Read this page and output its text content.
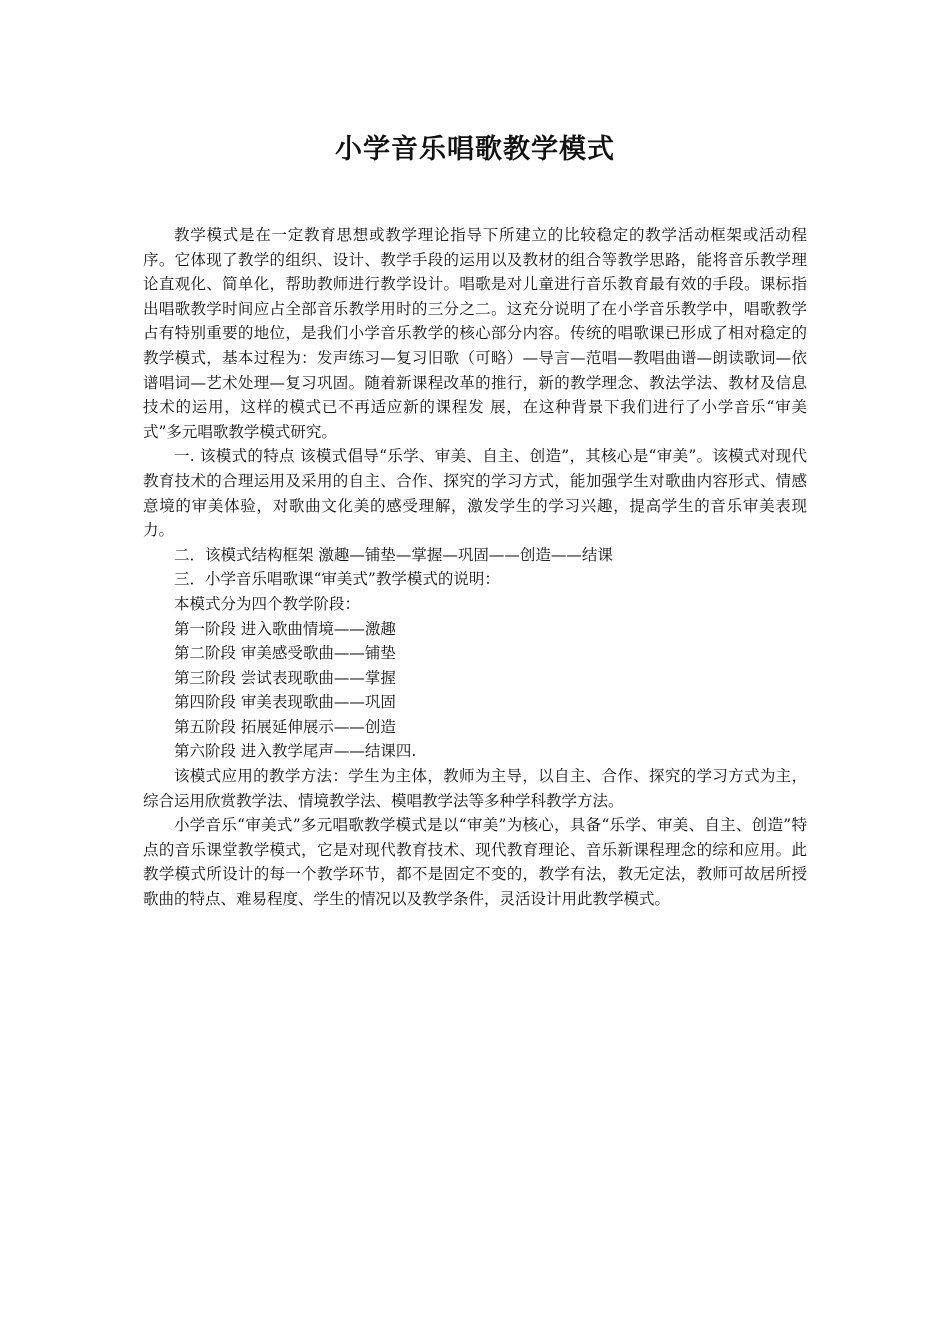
小学音乐唱歌教学模式

教学模式是在一定教育思想或教学理论指导下所建立的比较稳定的教学活动框架或活动程序。它体现了教学的组织、设计、教学手段的运用以及教材的组合等教学思路，能将音乐教学理论直观化、简单化，帮助教师进行教学设计。唱歌是对儿童进行音乐教育最有效的手段。课标指出唱歌教学时间应占全部音乐教学用时的三分之二。这充分说明了在小学音乐教学中，唱歌教学占有特别重要的地位，是我们小学音乐教学的核心部分内容。传统的唱歌课已形成了相对稳定的教学模式，基本过程为：发声练习—复习旧歌（可略）—导言—范唱—教唱曲谱—朗读歌词—依谱唱词—艺术处理—复习巩固。随着新课程改革的推行，新的教学理念、教法学法、教材及信息技术的运用，这样的模式已不再适应新的课程发 展，在这种背景下我们进行了小学音乐“审美式”多元唱歌教学模式研究。

一. 该模式的特点 该模式倡导“乐学、审美、自主、创造”，其核心是“审美”。该模式对现代教育技术的合理运用及采用的自主、合作、探究的学习方式，能加强学生对歌曲内容形式、情感意境的审美体验，对歌曲文化美的感受理解，激发学生的学习兴趣，提高学生的音乐审美表现力。

二．该模式结构框架 激趣—铺垫—掌握—巩固——创造——结课

三．小学音乐唱歌课“审美式”教学模式的说明：

本模式分为四个教学阶段：

第一阶段 进入歌曲情境——激趣

第二阶段 审美感受歌曲——铺垫

第三阶段 尝试表现歌曲——掌握

第四阶段 审美表现歌曲——巩固

第五阶段 拓展延伸展示——创造

第六阶段 进入教学尾声——结课四.

该模式应用的教学方法：学生为主体，教师为主导，以自主、合作、探究的学习方式为主，综合运用欣赏教学法、情境教学法、模唱教学法等多种学科教学方法。

小学音乐“审美式”多元唱歌教学模式是以“审美”为核心，具备“乐学、审美、自主、创造”特点的音乐课堂教学模式，它是对现代教育技术、现代教育理论、音乐新课程理念的综和应用。此教学模式所设计的每一个教学环节，都不是固定不变的，教学有法，教无定法，教师可故居所授歌曲的特点、难易程度、学生的情况以及教学条件，灵活设计用此教学模式。
